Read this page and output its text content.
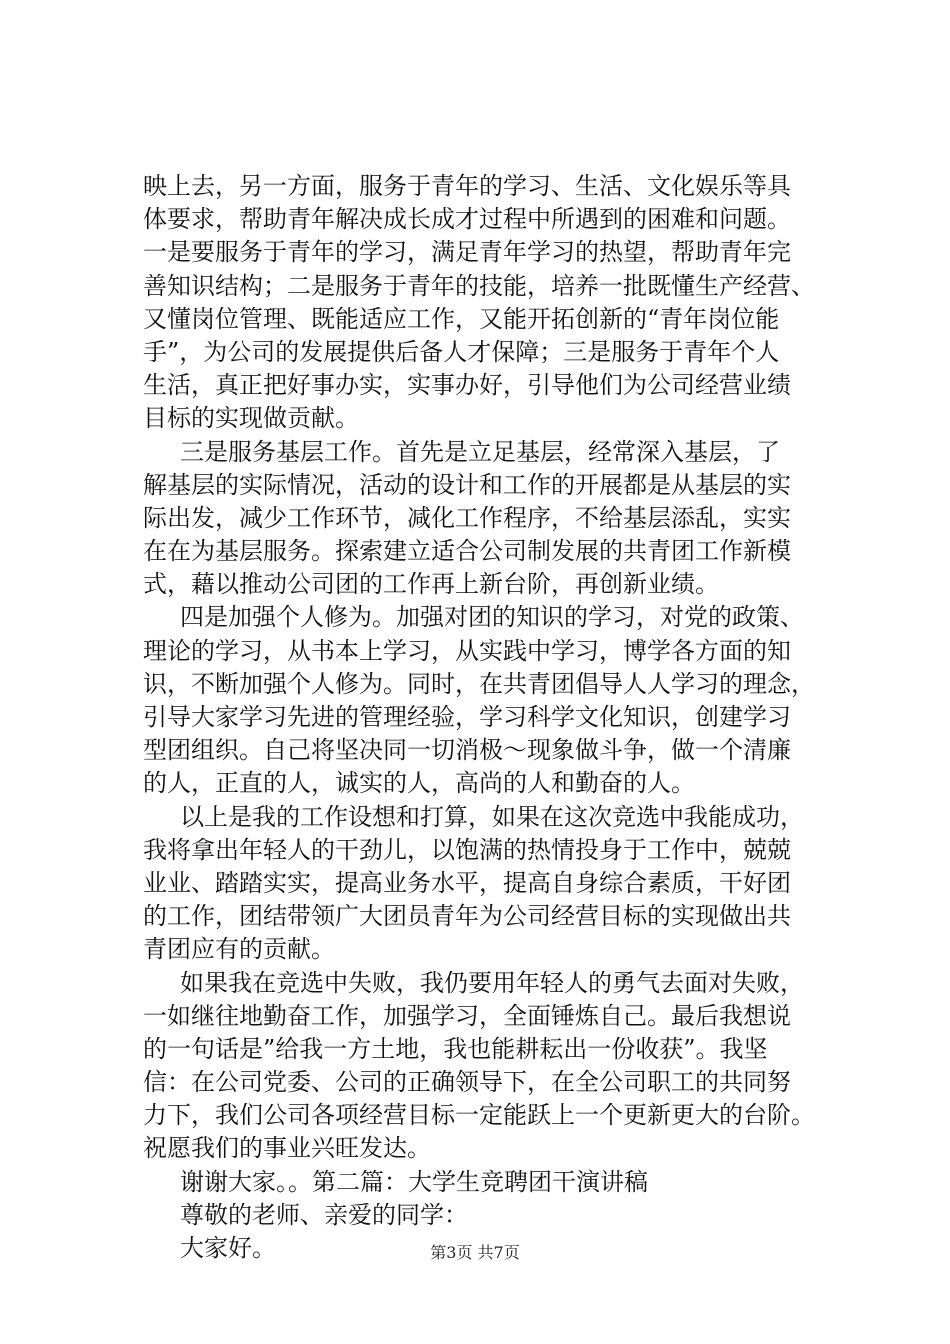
映上去，另一方面，服务于青年的学习、生活、文化娱乐等具
体要求，帮助青年解决成长成才过程中所遇到的困难和问题。
一是要服务于青年的学习，满足青年学习的热望，帮助青年完
善知识结构；二是服务于青年的技能，培养一批既懂生产经营、
又懂岗位管理、既能适应工作，又能开拓创新的“青年岗位能
手”，为公司的发展提供后备人才保障；三是服务于青年个人
生活，真正把好事办实，实事办好，引导他们为公司经营业绩
目标的实现做贡献。
三是服务基层工作。首先是立足基层，经常深入基层，了
解基层的实际情况，活动的设计和工作的开展都是从基层的实
际出发，减少工作环节，减化工作程序，不给基层添乱，实实
在在为基层服务。探索建立适合公司制发展的共青团工作新模
式，藉以推动公司团的工作再上新台阶，再创新业绩。
四是加强个人修为。加强对团的知识的学习，对党的政策、
理论的学习，从书本上学习，从实践中学习，博学各方面的知
识，不断加强个人修为。同时，在共青团倡导人人学习的理念，
引导大家学习先进的管理经验，学习科学文化知识，创建学习
型团组织。自己将坚决同一切消极～现象做斗争，做一个清廉
的人，正直的人，诚实的人，高尚的人和勤奋的人。
以上是我的工作设想和打算，如果在这次竞选中我能成功，
我将拿出年轻人的干劲儿，以饱满的热情投身于工作中，兢兢
业业、踏踏实实，提高业务水平，提高自身综合素质，干好团
的工作，团结带领广大团员青年为公司经营目标的实现做出共
青团应有的贡献。
如果我在竞选中失败，我仍要用年轻人的勇气去面对失败，
一如继往地勤奋工作，加强学习，全面锤炼自己。最后我想说
的一句话是”给我一方土地，我也能耕耘出一份收获”。我坚
信：在公司党委、公司的正确领导下，在全公司职工的共同努
力下，我们公司各项经营目标一定能跃上一个更新更大的台阶。
祝愿我们的事业兴旺发达。
谢谢大家。。第二篇：大学生竞聘团干演讲稿
尊敬的老师、亲爱的同学：
大家好。	第3页 共7页
